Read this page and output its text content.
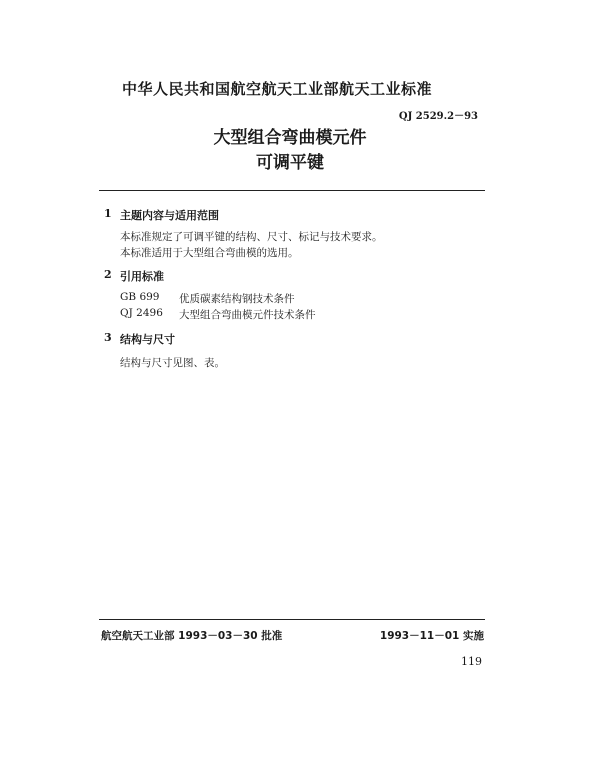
中华人民共和国航空航天工业部航天工业标准

QJ 2529.2－93

大型组合弯曲模元件

可调平键

1 主题内容与适用范围

本标准规定了可调平键的结构、尺寸、标记与技术要求。

本标准适用于大型组合弯曲模的选用。

2 引用标准
GB 699 优质碳素结构钢技术条件
QJ 2496 大型组合弯曲模元件技术条件
3 结构与尺寸

结构与尺寸见图、表。

航空航天工业部 1993－03－30 批准	1993－11－01 实施
119
